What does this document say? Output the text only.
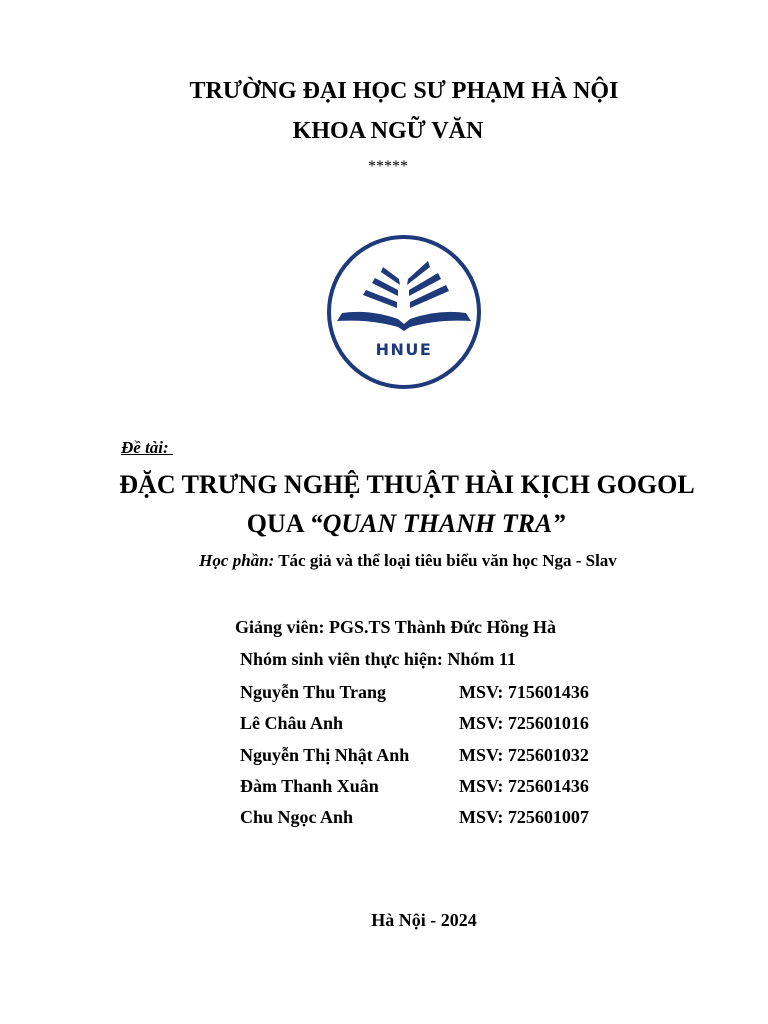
TRƯỜNG ĐẠI HỌC SƯ PHẠM HÀ NỘI
KHOA NGỮ VĂN
*****
HNUE
Đề tài:
ĐẶC TRƯNG NGHỆ THUẬT HÀI KỊCH GOGOL
QUA “QUAN THANH TRA”
Học phần: Tác giả và thể loại tiêu biểu văn học Nga - Slav
Giảng viên: PGS.TS Thành Đức Hồng Hà
Nhóm sinh viên thực hiện: Nhóm 11
Nguyễn Thu Trang	MSV: 715601436
Lê Châu Anh	MSV: 725601016
Nguyễn Thị Nhật Anh	MSV: 725601032
Đàm Thanh Xuân	MSV: 725601436
Chu Ngọc Anh	MSV: 725601007
Hà Nội - 2024
